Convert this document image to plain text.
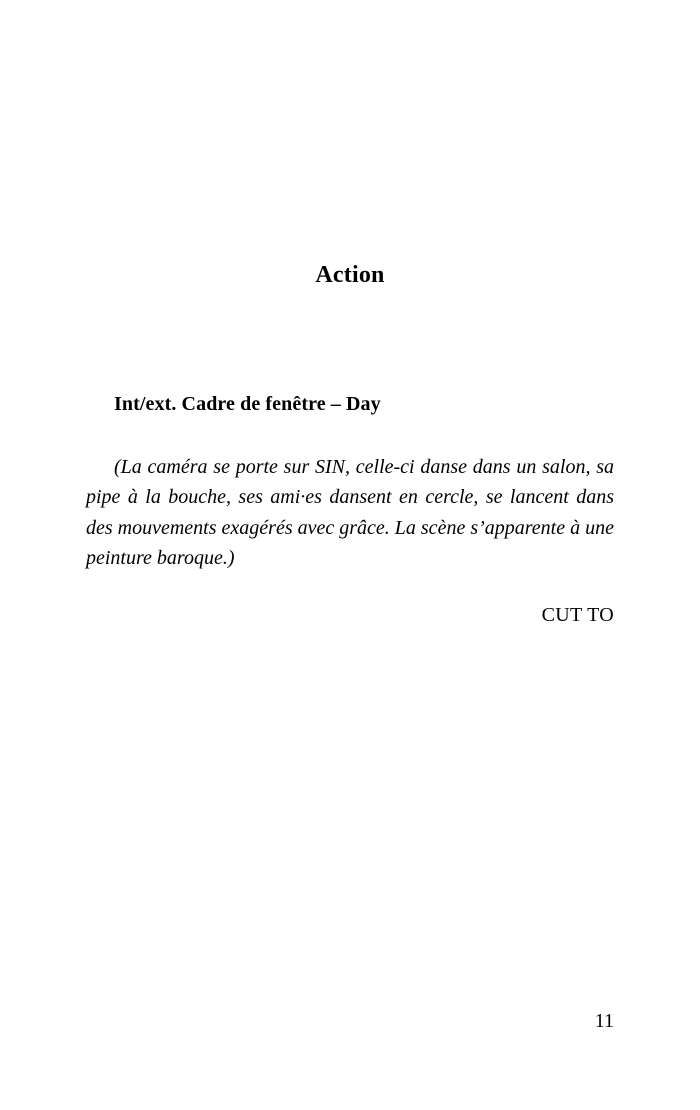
Action
Int/ext. Cadre de fenêtre – Day

(La caméra se porte sur SIN, celle-ci danse dans un salon, sa pipe à la bouche, ses ami·es dansent en cercle, se lancent dans des mouvements exagérés avec grâce. La scène s’apparente à une peinture baroque.)

CUT TO

11
